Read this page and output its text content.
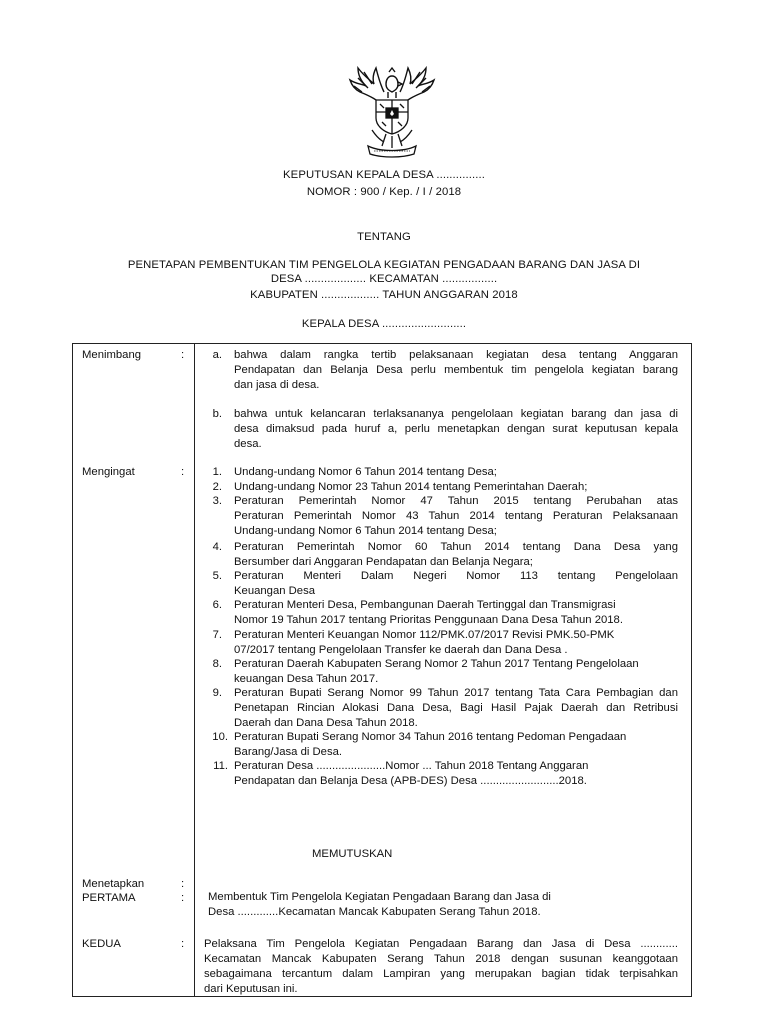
KEPUTUSAN KEPALA DESA ...............
NOMOR : 900 / Kep. / I / 2018
TENTANG
PENETAPAN PEMBENTUKAN TIM PENGELOLA KEGIATAN PENGADAAN BARANG DAN JASA DI
DESA ................... KECAMATAN .................
KABUPATEN .................. TAHUN ANGGARAN 2018
KEPALA DESA ..........................
Menimbang	:	a. bahwa dalam rangka tertib pelaksanaan kegiatan desa tentang Anggaran
Pendapatan dan Belanja Desa perlu membentuk tim pengelola kegiatan barang
dan jasa di desa.
b. bahwa untuk kelancaran terlaksananya pengelolaan kegiatan barang dan jasa di
desa dimaksud pada huruf a, perlu menetapkan dengan surat keputusan kepala
desa.
Mengingat	:	1. Undang-undang Nomor 6 Tahun 2014 tentang Desa;
2. Undang-undang Nomor 23 Tahun 2014 tentang Pemerintahan Daerah;
3. Peraturan Pemerintah Nomor 47 Tahun 2015 tentang Perubahan atas
Peraturan Pemerintah Nomor 43 Tahun 2014 tentang Peraturan Pelaksanaan
Undang-undang Nomor 6 Tahun 2014 tentang Desa;
4. Peraturan Pemerintah Nomor 60 Tahun 2014 tentang Dana Desa yang
Bersumber dari Anggaran Pendapatan dan Belanja Negara;
5. Peraturan Menteri Dalam Negeri Nomor 113 tentang Pengelolaan
Keuangan Desa
6. Peraturan Menteri Desa, Pembangunan Daerah Tertinggal dan Transmigrasi
Nomor 19 Tahun 2017 tentang Prioritas Penggunaan Dana Desa Tahun 2018.
7. Peraturan Menteri Keuangan Nomor 112/PMK.07/2017 Revisi PMK.50-PMK
07/2017 tentang Pengelolaan Transfer ke daerah dan Dana Desa .
8. Peraturan Daerah Kabupaten Serang Nomor 2 Tahun 2017 Tentang Pengelolaan
keuangan Desa Tahun 2017.
9. Peraturan Bupati Serang Nomor 99 Tahun 2017 tentang Tata Cara Pembagian dan
Penetapan Rincian Alokasi Dana Desa, Bagi Hasil Pajak Daerah dan Retribusi
Daerah dan Dana Desa Tahun 2018.
10. Peraturan Bupati Serang Nomor 34 Tahun 2016 tentang Pedoman Pengadaan
Barang/Jasa di Desa.
11. Peraturan Desa ......................Nomor ... Tahun 2018 Tentang Anggaran
Pendapatan dan Belanja Desa (APB-DES) Desa .........................2018.
MEMUTUSKAN
Menetapkan	:
PERTAMA	: Membentuk Tim Pengelola Kegiatan Pengadaan Barang dan Jasa di
Desa .............Kecamatan Mancak Kabupaten Serang Tahun 2018.
KEDUA	: Pelaksana Tim Pengelola Kegiatan Pengadaan Barang dan Jasa di Desa ............
Kecamatan Mancak Kabupaten Serang Tahun 2018 dengan susunan keanggotaan
sebagaimana tercantum dalam Lampiran yang merupakan bagian tidak terpisahkan
dari Keputusan ini.
